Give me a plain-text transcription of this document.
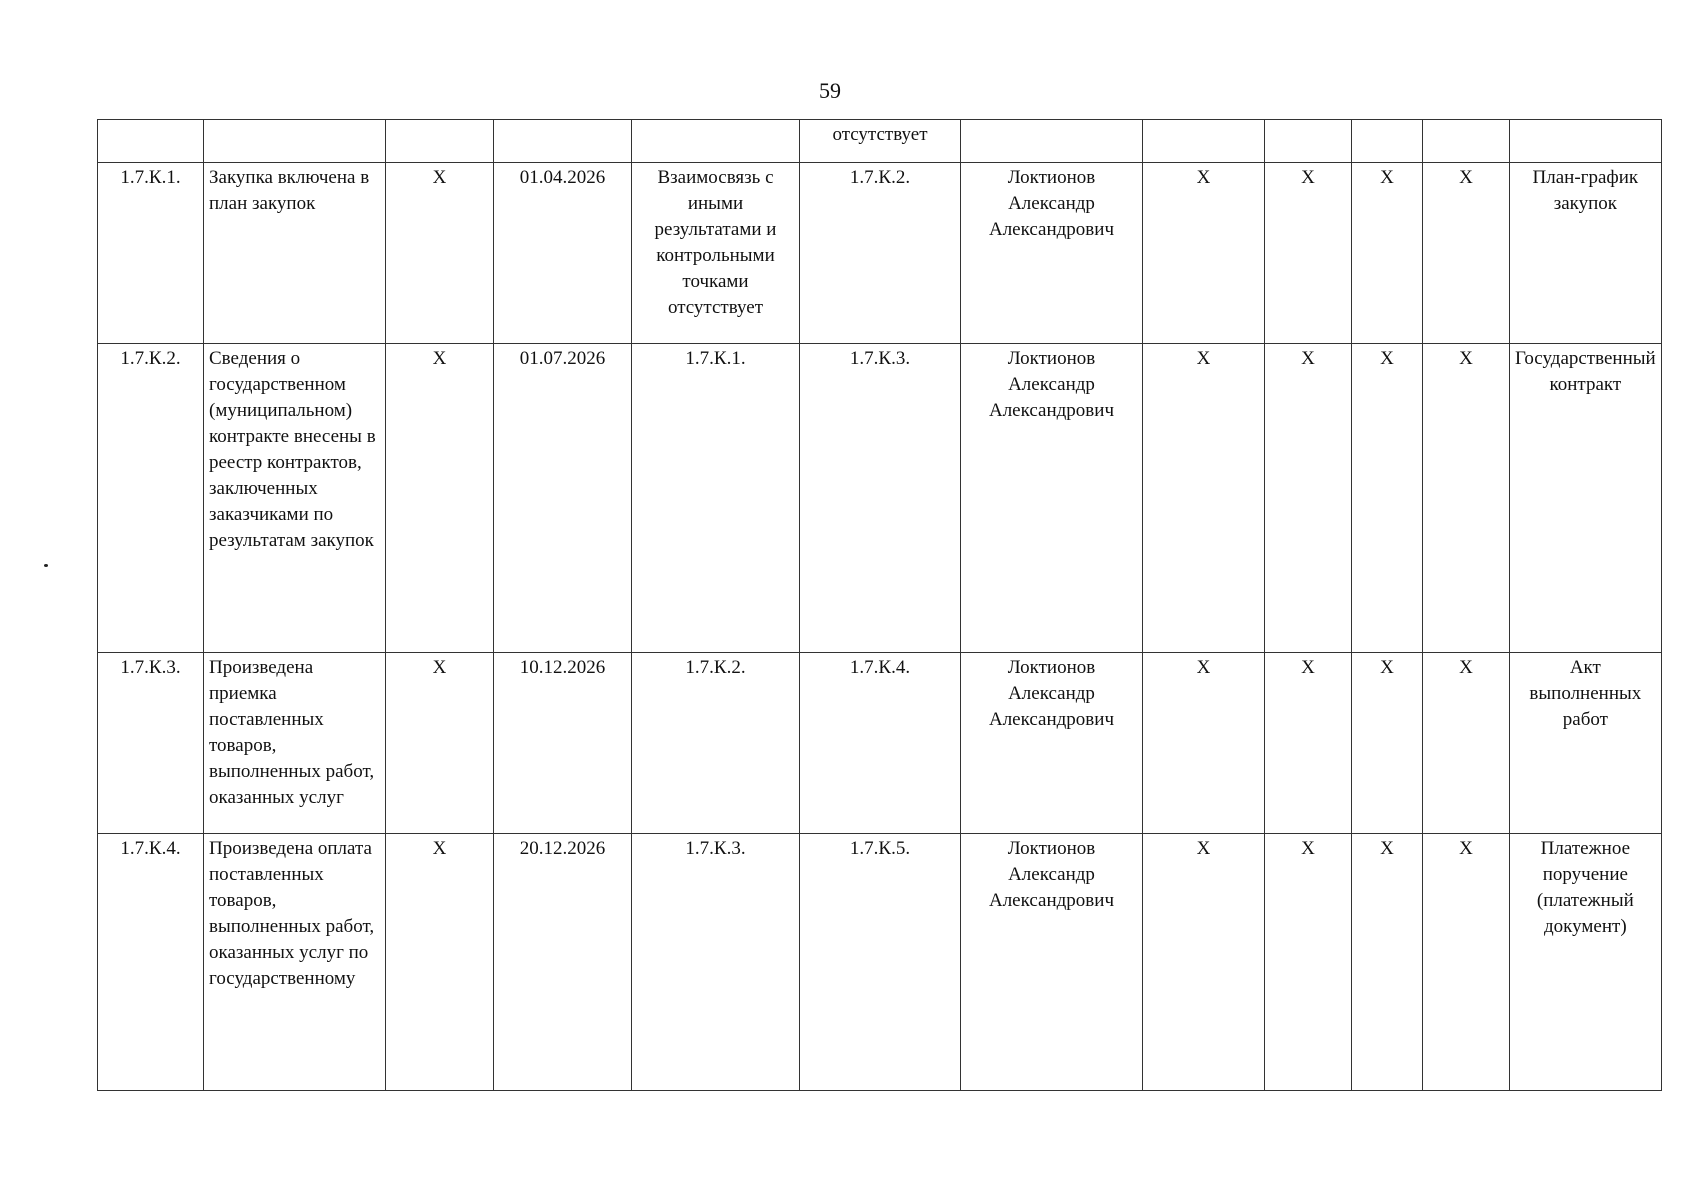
59
					отсутствует						
1.7.К.1.	Закупка включена в план закупок	X	01.04.2026	Взаимосвязь с иными результатами и контрольными точками отсутствует	1.7.К.2.	Локтионов Александр Александрович	X	X	X	X	План-график закупок
1.7.К.2.	Сведения о государственном (муниципальном) контракте внесены в реестр контрактов, заключенных заказчиками по результатам закупок	X	01.07.2026	1.7.К.1.	1.7.К.3.	Локтионов Александр Александрович	X	X	X	X	Государственный контракт
1.7.К.3.	Произведена приемка поставленных товаров, выполненных работ, оказанных услуг	X	10.12.2026	1.7.К.2.	1.7.К.4.	Локтионов Александр Александрович	X	X	X	X	Акт выполненных работ
1.7.К.4.	Произведена оплата поставленных товаров, выполненных работ, оказанных услуг по государственному	X	20.12.2026	1.7.К.3.	1.7.К.5.	Локтионов Александр Александрович	X	X	X	X	Платежное поручение (платежный документ)
